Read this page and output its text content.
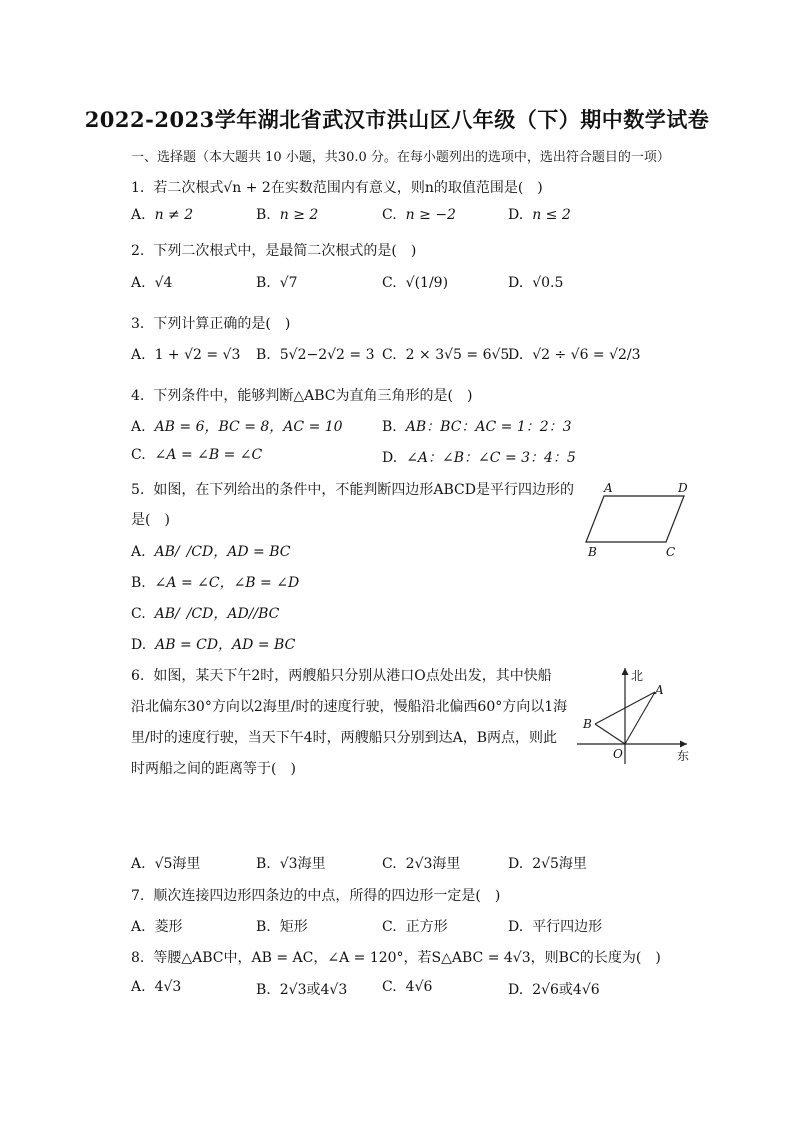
2022-2023学年湖北省武汉市洪山区八年级（下）期中数学试卷
一、选择题（本大题共 10 小题，共30.0 分。在每小题列出的选项中，选出符合题目的一项）
1. 若二次根式√n + 2在实数范围内有意义，则n的取值范围是(　)
A. n ≠ 2	B. n ≥ 2	C. n ≥ −2	D. n ≤ 2
2. 下列二次根式中，是最简二次根式的是(　)
A. √4	B. √7	C. √(1/9)	D. √0.5
3. 下列计算正确的是(　)
A. 1 + √2 = √3 B. 5√2−2√2 = 3 C. 2 × 3√5 = 6√5
D. √2 ÷ √6 = √2/3
4. 下列条件中，能够判断△ABC为直角三角形的是(　)
A. AB = 6，BC = 8，AC = 10	B. AB：BC：AC = 1：2：3
C. ∠A = ∠B = ∠C	D. ∠A：∠B：∠C = 3：4：5
5. 如图，在下列给出的条件中，不能判断四边形ABCD是平行四边形的
是(　)
A. AB/ /CD，AD = BC
B. ∠A = ∠C，∠B = ∠D
C. AB/ /CD，AD//BC
D. AB = CD，AD = BC
A	D
B	C
6. 如图，某天下午2时，两艘船只分别从港口O点处出发，其中快船
沿北偏东30°方向以2海里/时的速度行驶，慢船沿北偏西60°方向以1海
里/时的速度行驶，当天下午4时，两艘船只分别到达A，B两点，则此
时两船之间的距离等于(　)
北
东
A
B
O
A. √5海里	B. √3海里	C. 2√3海里	D. 2√5海里
7. 顺次连接四边形四条边的中点，所得的四边形一定是(　)
A. 菱形	B. 矩形	C. 正方形	D. 平行四边形
8. 等腰△ABC中，AB = AC，∠A = 120°，若S△ABC = 4√3，则BC的长度为(　)
A. 4√3	B. 2√3或4√3 C. 4√6	D. 2√6或4√6
